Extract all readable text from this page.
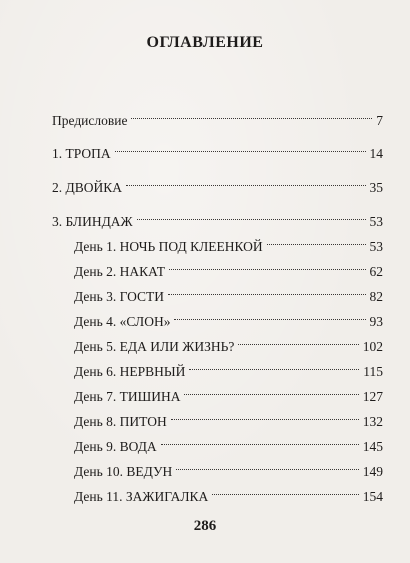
ОГЛАВЛЕНИЕ
Предисловие	7
1. ТРОПА	14
2. ДВОЙКА	35
3. БЛИНДАЖ	53
День 1. НОЧЬ ПОД КЛЕЕНКОЙ	53
День 2. НАКАТ	62
День 3. ГОСТИ	82
День 4. «СЛОН»	93
День 5. ЕДА ИЛИ ЖИЗНЬ?	102
День 6. НЕРВНЫЙ	115
День 7. ТИШИНА	127
День 8. ПИТОН	132
День 9. ВОДА	145
День 10. ВЕДУН	149
День 11. ЗАЖИГАЛКА	154
286
